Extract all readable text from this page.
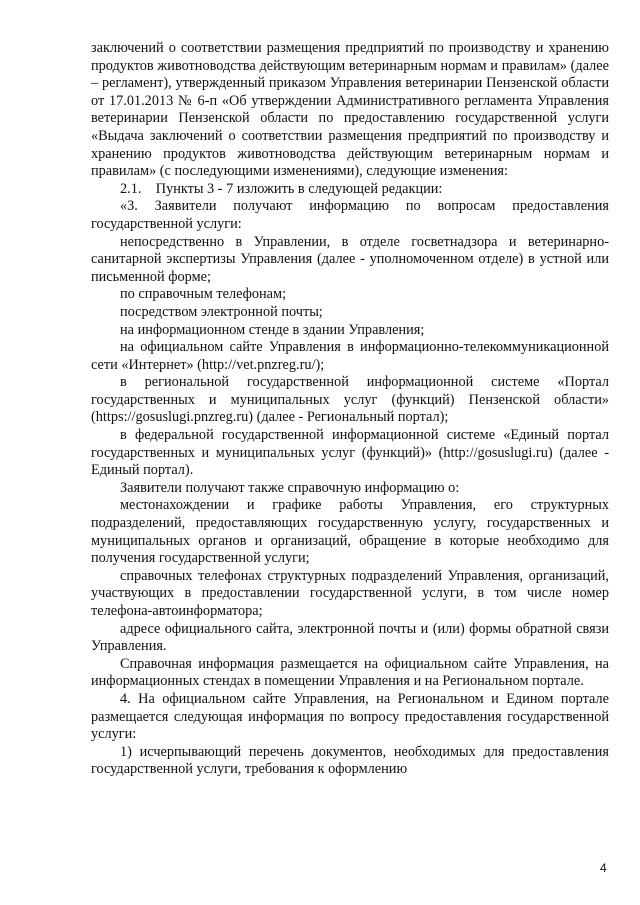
заключений о соответствии размещения предприятий по производству и хранению продуктов животноводства действующим ветеринарным нормам и правилам» (далее – регламент), утвержденный приказом Управления ветеринарии Пензенской области от 17.01.2013 № 6-п «Об утверждении Административного регламента Управления ветеринарии Пензенской области по предоставлению государственной услуги «Выдача заключений о соответствии размещения предприятий по производству и хранению продуктов животноводства действующим ветеринарным нормам и правилам» (с последующими изменениями), следующие изменения:

2.1.    Пункты 3 - 7 изложить в следующей редакции:

«3. Заявители получают информацию по вопросам предоставления государственной услуги:

непосредственно в Управлении, в отделе госветнадзора и ветеринарно-санитарной экспертизы Управления (далее - уполномоченном отделе) в устной или письменной форме;

по справочным телефонам;

посредством электронной почты;

на информационном стенде в здании Управления;

на официальном сайте Управления в информационно-телекоммуникационной сети «Интернет» (http://vet.pnzreg.ru/);

в региональной государственной информационной системе «Портал государственных и муниципальных услуг (функций) Пензенской области» (https://gosuslugi.pnzreg.ru) (далее - Региональный портал);

в федеральной государственной информационной системе «Единый портал государственных и муниципальных услуг (функций)» (http://gosuslugi.ru) (далее - Единый портал).

Заявители получают также справочную информацию о:

местонахождении и графике работы Управления, его структурных подразделений, предоставляющих государственную услугу, государственных и муниципальных органов и организаций, обращение в которые необходимо для получения государственной услуги;

справочных телефонах структурных подразделений Управления, организаций, участвующих в предоставлении государственной услуги, в том числе номер телефона-автоинформатора;

адресе официального сайта, электронной почты и (или) формы обратной связи Управления.

Справочная информация размещается на официальном сайте Управления, на информационных стендах в помещении Управления и на Региональном портале.

4. На официальном сайте Управления, на Региональном и Едином портале размещается следующая информация по вопросу предоставления государственной услуги:

1) исчерпывающий перечень документов, необходимых для предоставления государственной услуги, требования к оформлению

4
